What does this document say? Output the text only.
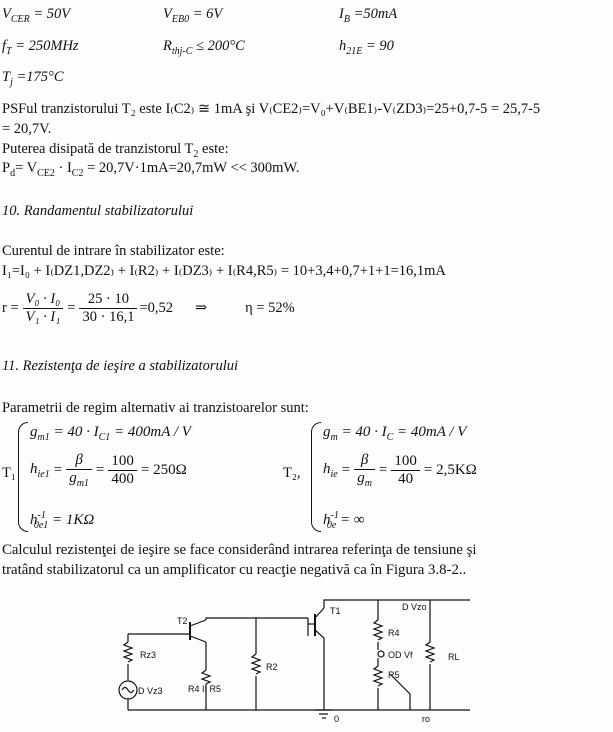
$V_{CER} = 50V$	$V_{EB0} = 6V$	$I_B =50mA$
$f_T = 250MHz$	$R_{thj-C} \le 200^\circ C$	$h_{21E} = 90$
$T_j =175^\circ C$
PSFul tranzistorului T₂ este I₍C2₎ ≅ 1mA şi V₍CE2₎=V₀+V₍BE1₎-V₍ZD3₎=25+0,7-5 = 25,7-5
= 20,7V.
Puterea disipată de tranzistorul $T_2$ este:
$P_d= V_{CE2} \cdot I_{C2} = 20,7V\cdot 1mA=20,7mW << 300mW$.
10. Randamentul stabilizatorului
Curentul de intrare în stabilizator este:
I₁=I₀ + I₍DZ1,DZ2₎ + I₍R2₎ + I₍DZ3₎ + I₍R4,R5₎ = 10+3,4+0,7+1+1=16,1mA
$r = \frac{\text{V₀ · I₀}}{\text{V₁ · I₁}} = \frac{25 \cdot 10}{30 \cdot 16,1} =0,52$ ⇒	η = 52%
11. Rezistenţa de ieşire a stabilizatorului
Parametrii de regim alternativ ai tranzistoarelor sunt:
T₁
$g_{m1} = 40 \cdot I_{C1} = 400mA / V$
$h_{ie1} = \frac{\beta}{g_{m1}} = \frac{100}{400} = 250\Omega$
$h^{-1}_{0e1} = 1K\Omega$
T₂,
$g_m = 40 \cdot I_C = 40mA / V$
$h_{ie} = \frac{\beta}{g_m} = \frac{100}{40} = 2,5K\Omega$
$h^{-1}_{0e}$ = ∞
Calculul rezistenţei de ieşire se face considerând intrarea referinţa de tensiune şi
tratând stabilizatorul ca un amplificator cu reacţie negativă ca în Figura 3.8-2..
T2
T1
Rz3
D Vz3	R4 II R5
R2
R4
OD Vf
R5
RL
D Vzo
0	ro
